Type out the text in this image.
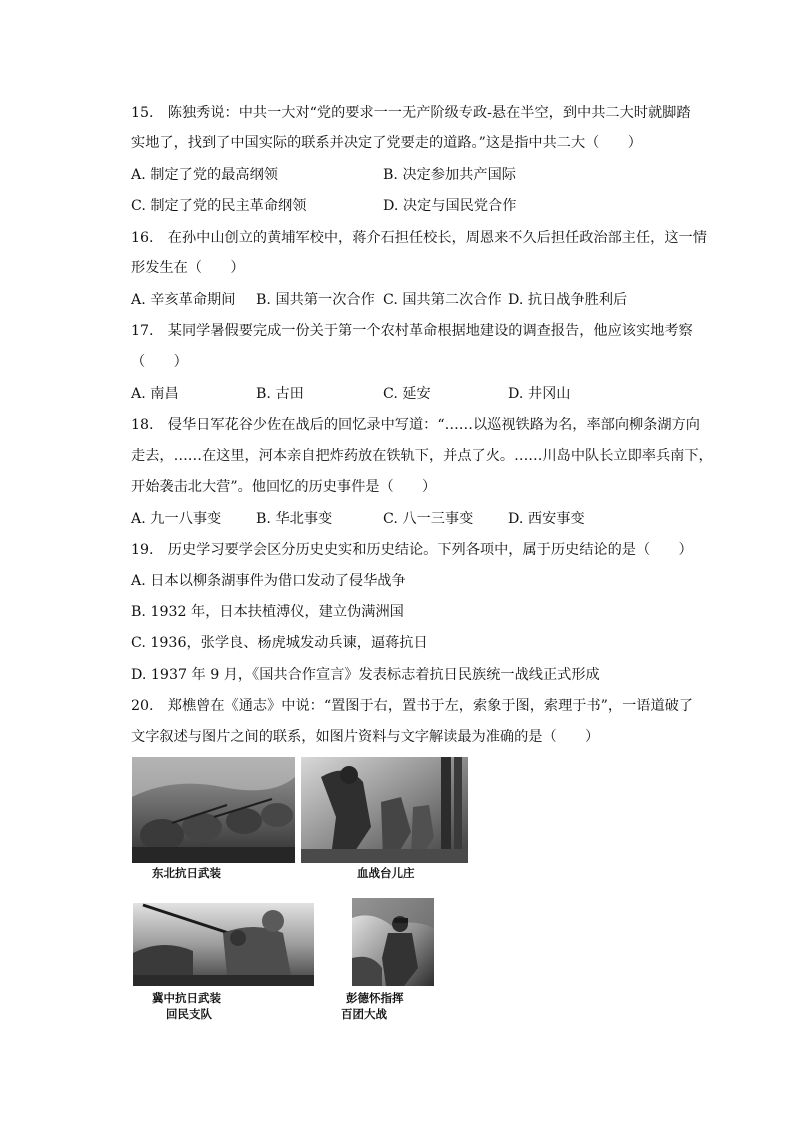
15.　陈独秀说：中共一大对“党的要求一一无产阶级专政-悬在半空，到中共二大时就脚踏
实地了，找到了中国实际的联系并决定了党要走的道路。”这是指中共二大（　　）
A. 制定了党的最高纲领	B. 决定参加共产国际
C. 制定了党的民主革命纲领	D. 决定与国民党合作
16.　在孙中山创立的黄埔军校中，蒋介石担任校长，周恩来不久后担任政治部主任，这一情
形发生在（　　）
A. 辛亥革命期间 B. 国共第一次合作 C. 国共第二次合作 D. 抗日战争胜利后
17.　某同学暑假要完成一份关于第一个农村革命根据地建设的调查报告，他应该实地考察
（　　）
A. 南昌	B. 古田	C. 延安	D. 井冈山
18.　侵华日军花谷少佐在战后的回忆录中写道：“……以巡视铁路为名，率部向柳条湖方向
走去，……在这里，河本亲自把炸药放在铁轨下，并点了火。……川岛中队长立即率兵南下，
开始袭击北大营”。他回忆的历史事件是（　　）
A. 九一八事变 B. 华北事变	C. 八一三事变 D. 西安事变
19.　历史学习要学会区分历史史实和历史结论。下列各项中，属于历史结论的是（　　）
A. 日本以柳条湖事件为借口发动了侵华战争
B. 1932 年，日本扶植溥仪，建立伪满洲国
C. 1936，张学良、杨虎城发动兵谏，逼蒋抗日
D. 1937 年 9 月，《国共合作宣言》发表标志着抗日民族统一战线正式形成
20.　郑樵曾在《通志》中说：“置图于右，置书于左，索象于图，索理于书”，一语道破了
文字叙述与图片之间的联系，如图片资料与文字解读最为准确的是（　　）
东北抗日武装	血战台儿庄
冀中抗日武装
回民支队
彭德怀指挥
百团大战
